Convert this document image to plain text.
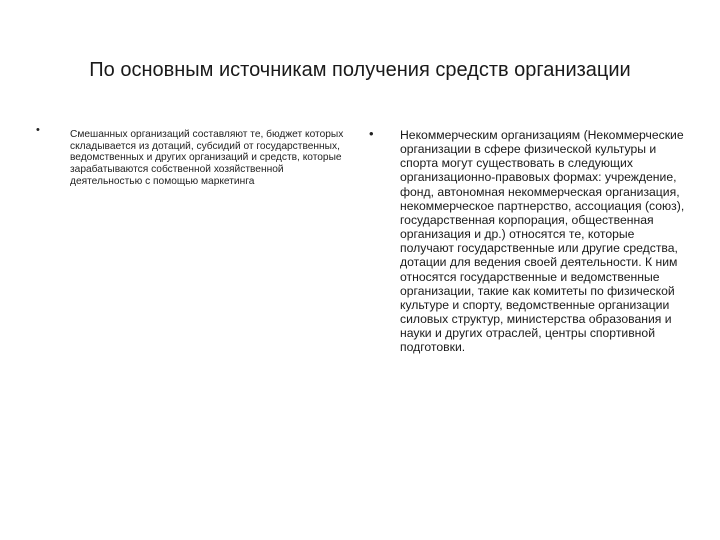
По основным источникам получения средств организации
•	Смешанных организаций составляют те, бюджет которых складывается из дотаций, субсидий от государственных, ведомственных и других организаций и средств, которые зарабатываются собственной хозяйственной деятельностью с помощью маркетинга
• Некоммерческим организациям (Некоммерческие организации в сфере физической культуры и спорта могут существовать в следующих организационно-правовых формах: учреждение, фонд, автономная некоммерческая организация, некоммерческое партнерство, ассоциация (союз), государственная корпорация, общественная организация и др.) относятся те, которые получают государственные или другие средства, дотации для ведения своей деятельности. К ним относятся государственные и ведомственные организации, такие как комитеты по физической культуре и спорту, ведомственные организации силовых структур, министерства образования и науки и других отраслей, центры спортивной подготовки.
